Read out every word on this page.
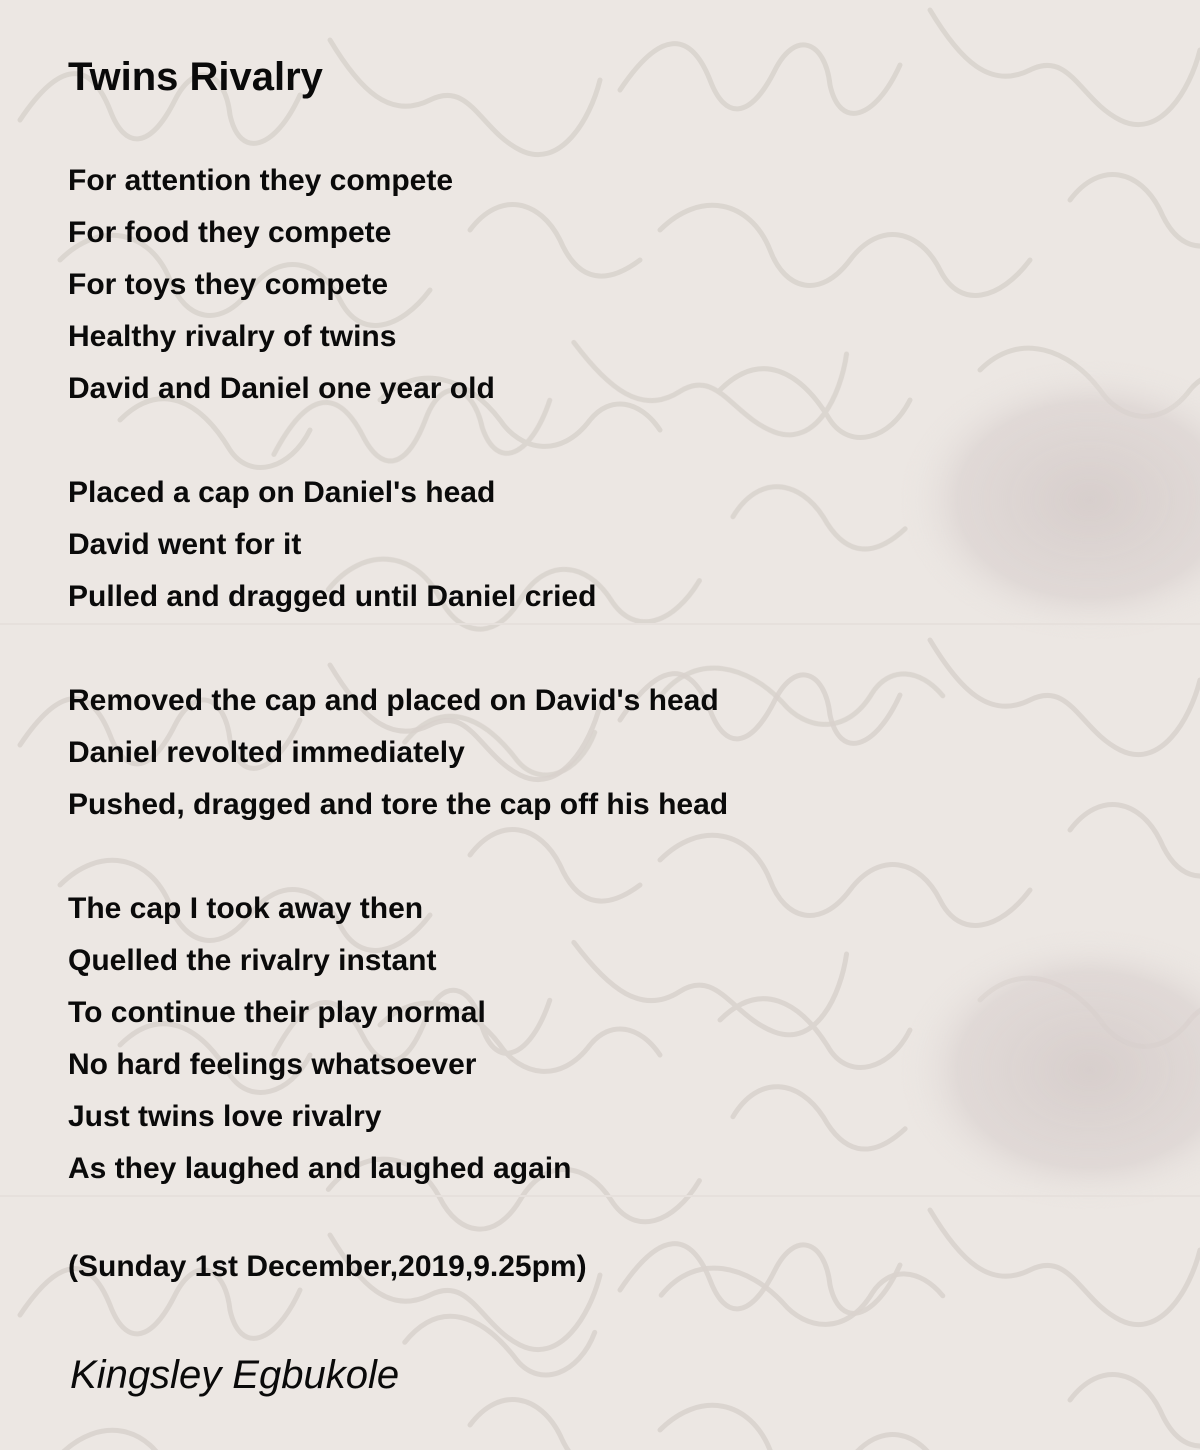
Twins Rivalry
For attention they compete
For food they compete
For toys they compete
Healthy rivalry of twins
David and Daniel one year old
Placed a cap on Daniel's head
David went for it
Pulled and dragged until Daniel cried
Removed the cap and placed on David's head
Daniel revolted immediately
Pushed, dragged and tore the cap off his head
The cap I took away then
Quelled the rivalry instant
To continue their play normal
No hard feelings whatsoever
Just twins love rivalry
As they laughed and laughed again
(Sunday 1st December,2019,9.25pm)
Kingsley Egbukole
